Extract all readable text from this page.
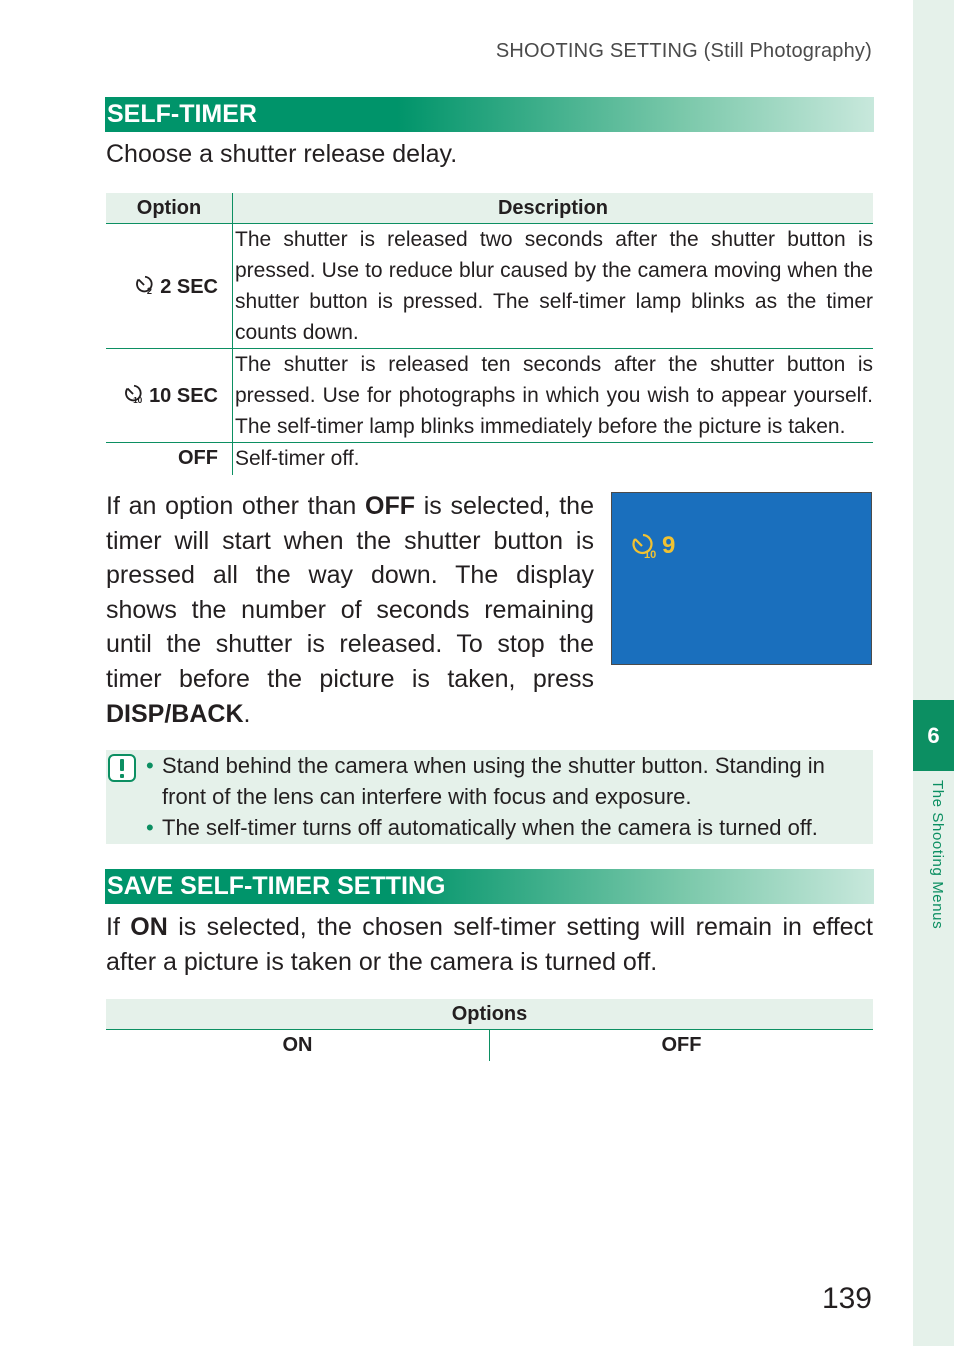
SHOOTING SETTING (Still Photography)
6
The Shooting Menus
SELF-TIMER
Choose a shutter release delay.
Option	Description

2 2 SEC	The shutter is released two seconds after the shutter button is pressed. Use to reduce blur caused by the camera moving when the shutter button is pressed. The self-timer lamp blinks as the timer counts down.

10 10 SEC	The shutter is released ten seconds after the shutter button is pressed. Use for photographs in which you wish to appear yourself. The self-timer lamp blinks immediately before the picture is taken.
OFF	Self-timer off.
If an option other than OFF is selected, the timer will start when the shutter button is pressed all the way down. The display shows the number of seconds remaining until the shutter is released. To stop the timer before the picture is taken, press DISP/BACK.
10 9
• Stand behind the camera when using the shutter button. Standing in front of the lens can interfere with focus and exposure.
• The self-timer turns off automatically when the camera is turned off.
SAVE SELF-TIMER SETTING
If ON is selected, the chosen self-timer setting will remain in effect after a picture is taken or the camera is turned off.
Options
ON	OFF
139
